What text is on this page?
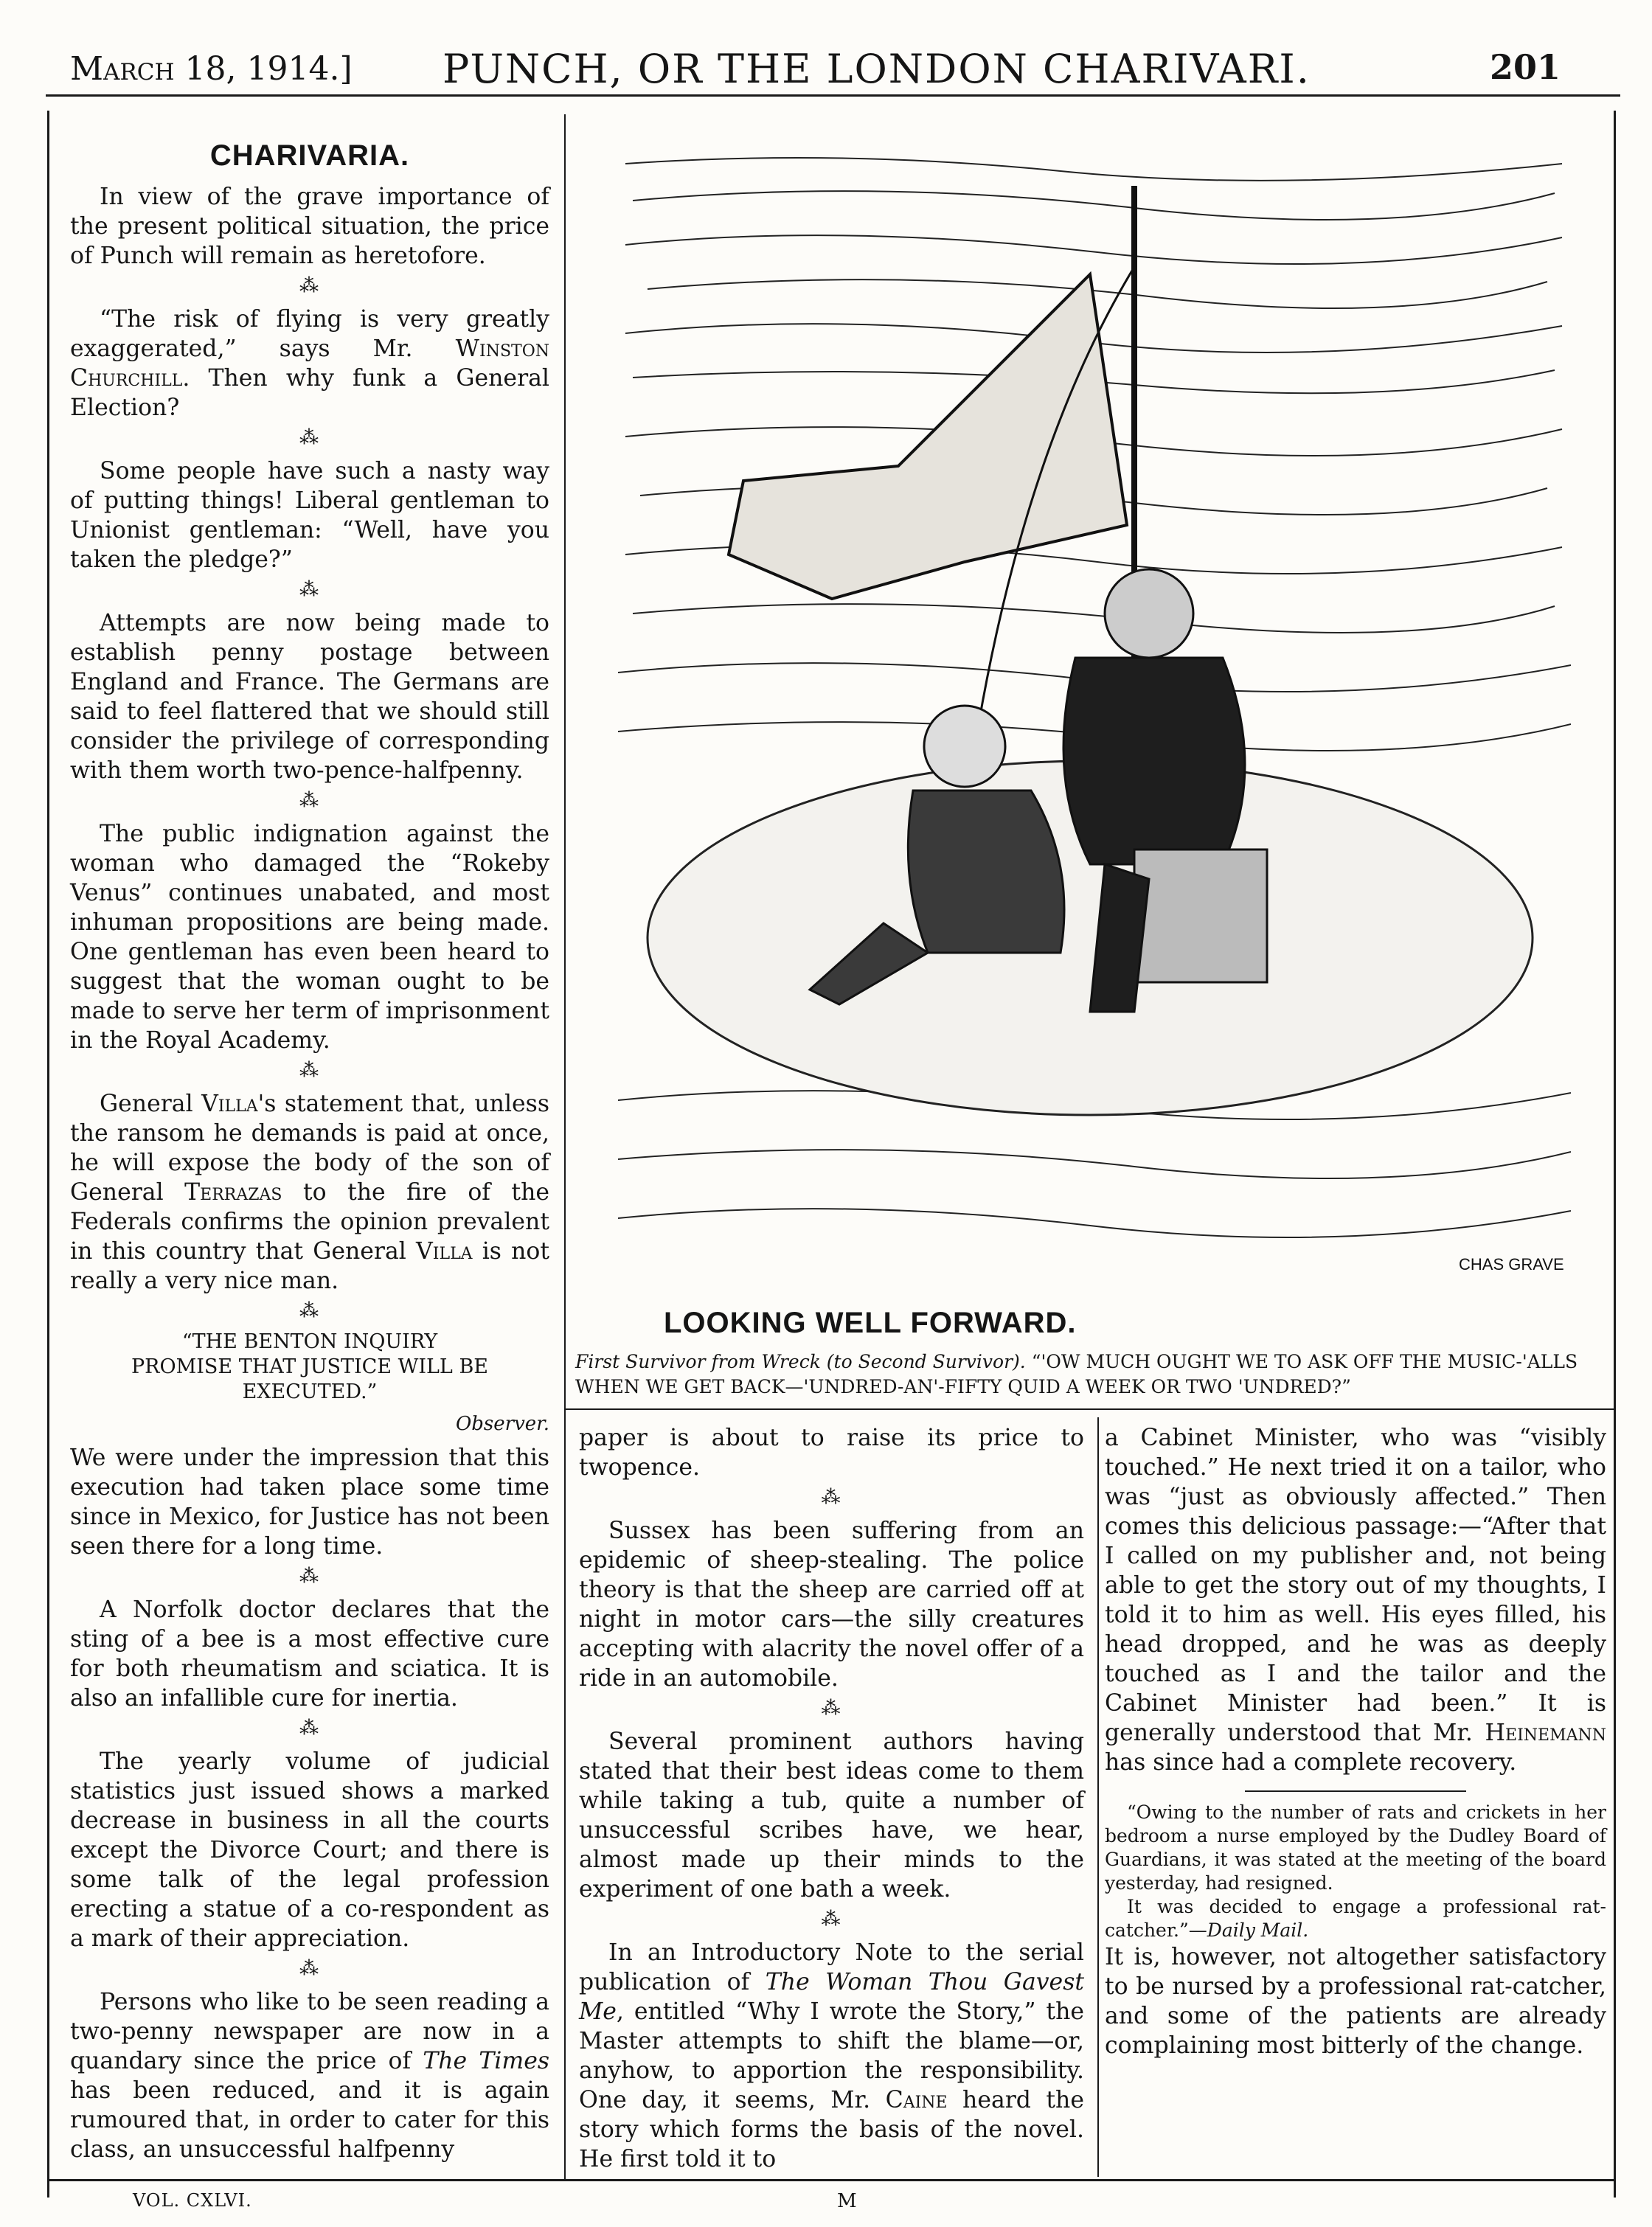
March 18, 1914.] PUNCH, OR THE LONDON CHARIVARI.	201
CHARIVARIA.

In view of the grave importance of the present political situation, the price of Punch will remain as heretofore.

⁂

“The risk of flying is very greatly exaggerated,” says Mr. Winston Churchill. Then why funk a General Election?

⁂

Some people have such a nasty way of putting things! Liberal gentleman to Unionist gentleman: “Well, have you taken the pledge?”

⁂

Attempts are now being made to establish penny postage between England and France. The Germans are said to feel flattered that we should still consider the privilege of corresponding with them worth two-pence-halfpenny.

⁂

The public indignation against the woman who damaged the “Rokeby Venus” continues unabated, and most inhuman propositions are being made. One gentleman has even been heard to suggest that the woman ought to be made to serve her term of imprisonment in the Royal Academy.

⁂

General Villa's statement that, unless the ransom he demands is paid at once, he will expose the body of the son of General Terrazas to the fire of the Federals confirms the opinion prevalent in this country that General Villa is not really a very nice man.

⁂
“THE BENTON INQUIRY
PROMISE THAT JUSTICE WILL BE EXECUTED.”
Observer.

We were under the impression that this execution had taken place some time since in Mexico, for Justice has not been seen there for a long time.

⁂

A Norfolk doctor declares that the sting of a bee is a most effective cure for both rheumatism and sciatica. It is also an infallible cure for inertia.

⁂

The yearly volume of judicial statistics just issued shows a marked decrease in business in all the courts except the Divorce Court; and there is some talk of the legal profession erecting a statue of a co-respondent as a mark of their appreciation.

⁂

Persons who like to be seen reading a two-penny newspaper are now in a quandary since the price of The Times has been reduced, and it is again rumoured that, in order to cater for this class, an unsuccessful halfpenny

CHAS GRAVE
LOOKING WELL FORWARD.
First Survivor from Wreck (to Second Survivor). “'OW MUCH OUGHT WE TO ASK OFF THE MUSIC-'ALLS WHEN WE GET BACK—'UNDRED-AN'-FIFTY QUID A WEEK OR TWO 'UNDRED?”

paper is about to raise its price to twopence.

⁂

Sussex has been suffering from an epidemic of sheep-stealing. The police theory is that the sheep are carried off at night in motor cars—the silly creatures accepting with alacrity the novel offer of a ride in an automobile.

⁂

Several prominent authors having stated that their best ideas come to them while taking a tub, quite a number of unsuccessful scribes have, we hear, almost made up their minds to the experiment of one bath a week.

⁂

In an Introductory Note to the serial publication of The Woman Thou Gavest Me, entitled “Why I wrote the Story,” the Master attempts to shift the blame—or, anyhow, to apportion the responsibility. One day, it seems, Mr. Caine heard the story which forms the basis of the novel. He first told it to

a Cabinet Minister, who was “visibly touched.” He next tried it on a tailor, who was “just as obviously affected.” Then comes this delicious passage:—“After that I called on my publisher and, not being able to get the story out of my thoughts, I told it to him as well. His eyes filled, his head dropped, and he was as deeply touched as I and the tailor and the Cabinet Minister had been.” It is generally understood that Mr. Heinemann has since had a complete recovery.

“Owing to the number of rats and crickets in her bedroom a nurse employed by the Dudley Board of Guardians, it was stated at the meeting of the board yesterday, had resigned.
It was decided to engage a professional rat-catcher.”—Daily Mail.

It is, however, not altogether satisfactory to be nursed by a professional rat-catcher, and some of the patients are already complaining most bitterly of the change.

VOL. CXLVI.	M
